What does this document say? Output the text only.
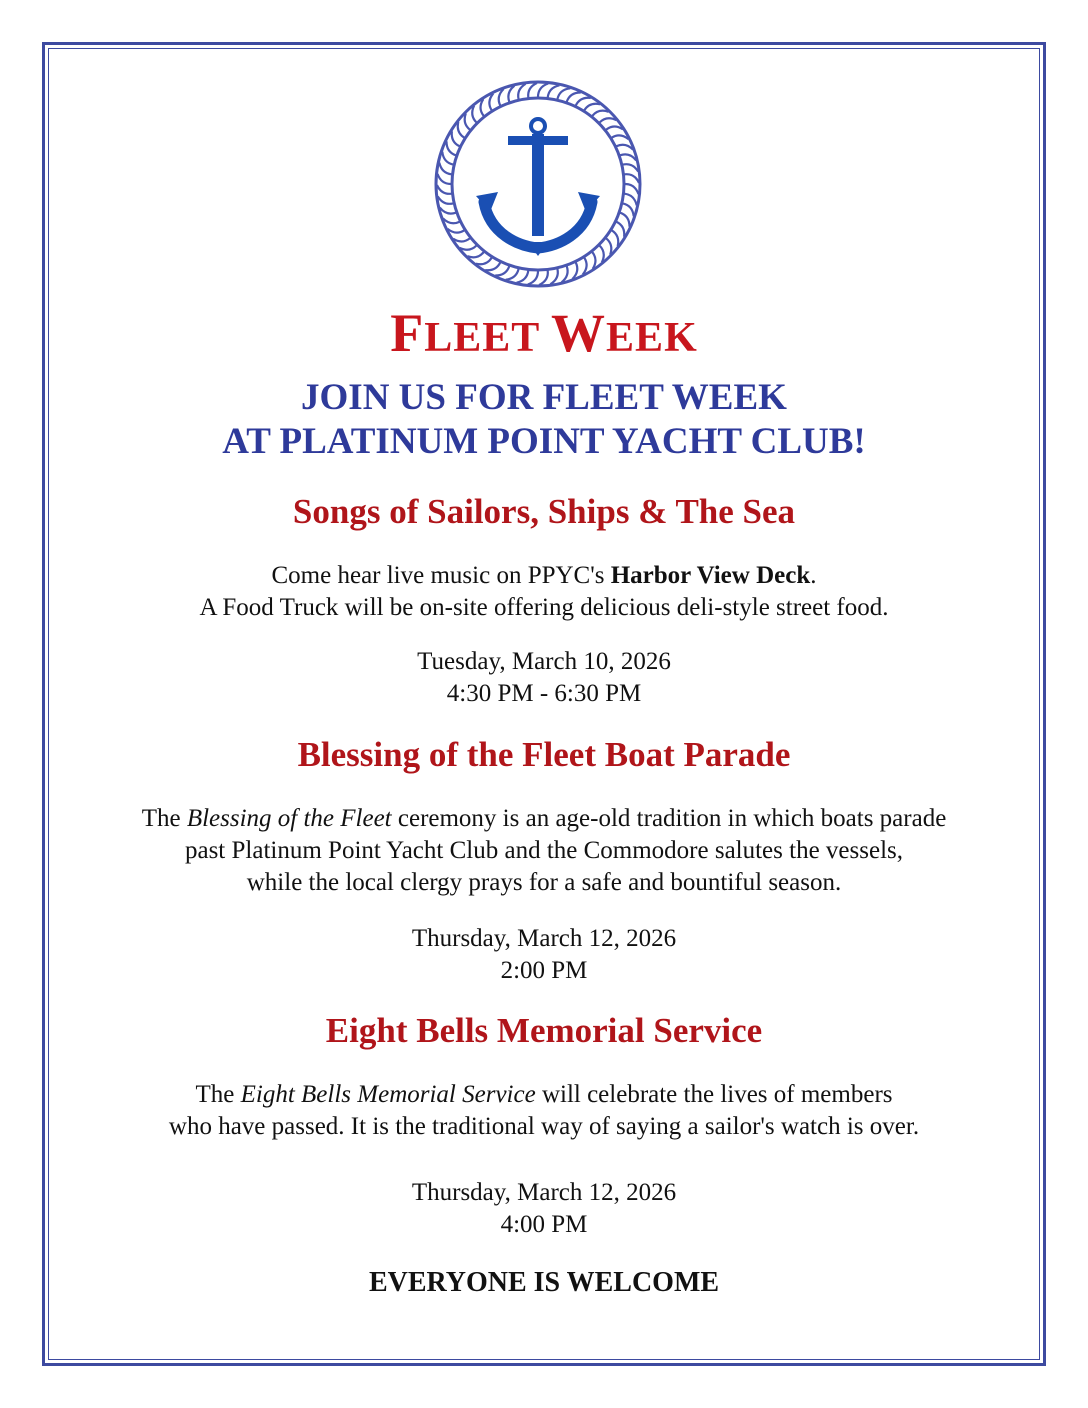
FLEET WEEK
JOIN US FOR FLEET WEEK
AT PLATINUM POINT YACHT CLUB!
Songs of Sailors, Ships & The Sea
Come hear live music on PPYC's Harbor View Deck.
A Food Truck will be on-site offering delicious deli-style street food.
Tuesday, March 10, 2026
4:30 PM - 6:30 PM
Blessing of the Fleet Boat Parade
The Blessing of the Fleet ceremony is an age-old tradition in which boats parade
past Platinum Point Yacht Club and the Commodore salutes the vessels,
while the local clergy prays for a safe and bountiful season.
Thursday, March 12, 2026
2:00 PM
Eight Bells Memorial Service
The Eight Bells Memorial Service will celebrate the lives of members
who have passed. It is the traditional way of saying a sailor's watch is over.
Thursday, March 12, 2026
4:00 PM
EVERYONE IS WELCOME
